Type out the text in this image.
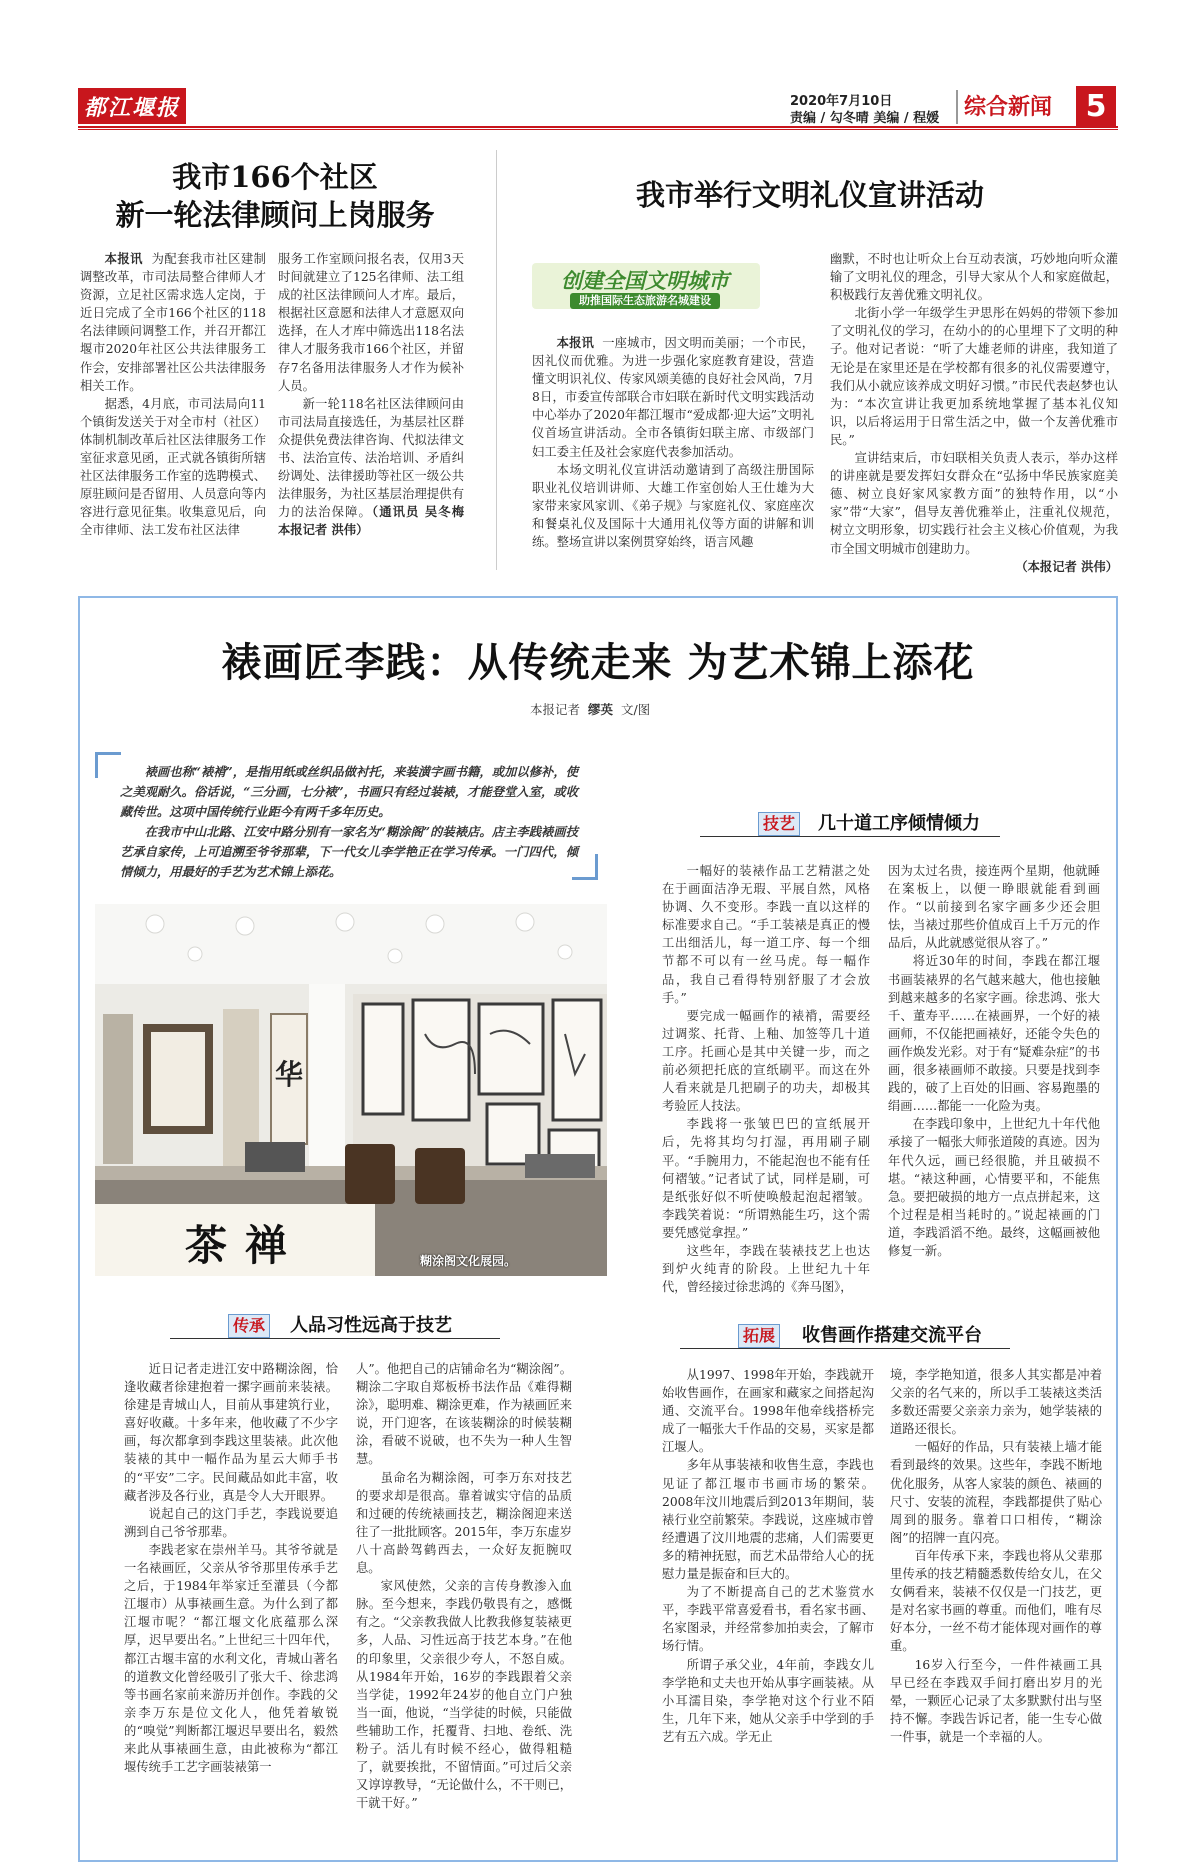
都江堰报	2020年7月10日
责编 / 勾冬晴 美编 / 程媛 综合新闻	5
我市166个社区
新一轮法律顾问上岗服务

本报讯 为配套我市社区建制调整改革，市司法局整合律师人才资源，立足社区需求选人定岗，于近日完成了全市166个社区的118名法律顾问调整工作，并召开都江堰市2020年社区公共法律服务工作会，安排部署社区公共法律服务相关工作。

据悉，4月底，市司法局向11个镇街发送关于对全市村（社区）体制机制改革后社区法律服务工作室征求意见函，正式就各镇街所辖社区法律服务工作室的选聘模式、原驻顾问是否留用、人员意向等内容进行意见征集。收集意见后，向全市律师、法工发布社区法律

服务工作室顾问报名表，仅用3天时间就建立了125名律师、法工组成的社区法律顾问人才库。最后，根据社区意愿和法律人才意愿双向选择，在人才库中筛选出118名法律人才服务我市166个社区，并留存7名备用法律服务人才作为候补人员。

新一轮118名社区法律顾问由市司法局直接选任，为基层社区群众提供免费法律咨询、代拟法律文书、法治宣传、法治培训、矛盾纠纷调处、法律援助等社区一级公共法律服务，为社区基层治理提供有力的法治保障。（通讯员 吴冬梅 本报记者 洪伟）

我市举行文明礼仪宣讲活动
创建全国文明城市
助推国际生态旅游名城建设

本报讯 一座城市，因文明而美丽；一个市民，因礼仪而优雅。为进一步强化家庭教育建设，营造懂文明识礼仪、传家风颂美德的良好社会风尚，7月8日，市委宣传部联合市妇联在新时代文明实践活动中心举办了2020年都江堰市“爱成都·迎大运”文明礼仪首场宣讲活动。全市各镇街妇联主席、市级部门妇工委主任及社会家庭代表参加活动。

本场文明礼仪宣讲活动邀请到了高级注册国际职业礼仪培训讲师、大雄工作室创始人王仕雄为大家带来家风家训、《弟子规》与家庭礼仪、家庭座次和餐桌礼仪及国际十大通用礼仪等方面的讲解和训练。整场宣讲以案例贯穿始终，语言风趣

幽默，不时也让听众上台互动表演，巧妙地向听众灌输了文明礼仪的理念，引导大家从个人和家庭做起，积极践行友善优雅文明礼仪。

北街小学一年级学生尹思彤在妈妈的带领下参加了文明礼仪的学习，在幼小的的心里埋下了文明的种子。他对记者说：“听了大雄老师的讲座，我知道了无论是在家里还是在学校都有很多的礼仪需要遵守，我们从小就应该养成文明好习惯。”市民代表赵梦也认为：“本次宣讲让我更加系统地掌握了基本礼仪知识，以后将运用于日常生活之中，做一个友善优雅市民。”

宣讲结束后，市妇联相关负责人表示，举办这样的讲座就是要发挥妇女群众在“弘扬中华民族家庭美德、树立良好家风家教方面”的独特作用，以“小家”带“大家”，倡导友善优雅举止，注重礼仪规范，树立文明形象，切实践行社会主义核心价值观，为我市全国文明城市创建助力。

（本报记者 洪伟）

裱画匠李践：从传统走来 为艺术锦上添花
本报记者 缪英 文/图

裱画也称“裱褙”，是指用纸或丝织品做衬托，来装潢字画书籍，或加以修补，使之美观耐久。俗话说，“三分画，七分裱”，书画只有经过装裱，才能登堂入室，或收藏传世。这项中国传统行业距今有两千多年历史。

在我市中山北路、江安中路分别有一家名为“糊涂阁”的装裱店。店主李践裱画技艺承自家传，上可追溯至爷爷那辈，下一代女儿李学艳正在学习传承。一门四代，倾情倾力，用最好的手艺为艺术锦上添花。

华
茶禅	糊涂阁文化展园。
技艺 几十道工序倾情倾力

一幅好的装裱作品工艺精湛之处在于画面洁净无瑕、平展自然，风格协调、久不变形。李践一直以这样的标准要求自己。“手工装裱是真正的慢工出细活儿，每一道工序、每一个细节都不可以有一丝马虎。每一幅作品，我自己看得特别舒服了才会放手。”

要完成一幅画作的裱褙，需要经过调浆、托背、上釉、加签等几十道工序。托画心是其中关键一步，而之前必须把托底的宣纸刷平。而这在外人看来就是几把刷子的功夫，却极其考验匠人技法。

李践将一张皱巴巴的宣纸展开后，先将其均匀打湿，再用刷子刷平。“手腕用力，不能起泡也不能有任何褶皱。”记者试了试，同样是刷，可是纸张好似不听使唤般起泡起褶皱。李践笑着说：“所谓熟能生巧，这个需要凭感觉拿捏。”

这些年，李践在装裱技艺上也达到炉火纯青的阶段。上世纪九十年代，曾经接过徐悲鸿的《奔马图》，

因为太过名贵，接连两个星期，他就睡在案板上，以便一睁眼就能看到画作。“以前接到名家字画多少还会胆怯，当裱过那些价值成百上千万元的作品后，从此就感觉很从容了。”

将近30年的时间，李践在都江堰书画装裱界的名气越来越大，他也接触到越来越多的名家字画。徐悲鸿、张大千、董寿平……在裱画界，一个好的裱画师，不仅能把画裱好，还能令失色的画作焕发光彩。对于有“疑难杂症”的书画，很多裱画师不敢接。只要是找到李践的，破了上百处的旧画、容易跑墨的绢画……都能一一化险为夷。

在李践印象中，上世纪九十年代他承接了一幅张大师张道陵的真迹。因为年代久远，画已经很脆，并且破损不堪。“裱这种画，心情要平和，不能焦急。要把破损的地方一点点拼起来，这个过程是相当耗时的。”说起裱画的门道，李践滔滔不绝。最终，这幅画被他修复一新。

传承 人品习性远高于技艺

近日记者走进江安中路糊涂阁，恰逢收藏者徐建抱着一摞字画前来装裱。徐建是青城山人，目前从事建筑行业，喜好收藏。十多年来，他收藏了不少字画，每次都拿到李践这里装裱。此次他装裱的其中一幅作品为星云大师手书的“平安”二字。民间藏品如此丰富，收藏者涉及各行业，真是令人大开眼界。

说起自己的这门手艺，李践说要追溯到自己爷爷那辈。

李践老家在崇州羊马。其爷爷就是一名裱画匠，父亲从爷爷那里传承手艺之后，于1984年举家迁至灌县（今都江堰市）从事裱画生意。为什么到了都江堰市呢？“都江堰文化底蕴那么深厚，迟早要出名。”上世纪三十四年代，都江古堰丰富的水利文化，青城山著名的道教文化曾经吸引了张大千、徐悲鸿等书画名家前来游历并创作。李践的父亲李万东是位文化人，他凭着敏锐的“嗅觉”判断都江堰迟早要出名，毅然来此从事裱画生意，由此被称为“都江堰传统手工艺字画装裱第一

人”。他把自己的店铺命名为“糊涂阁”。糊涂二字取自郑板桥书法作品《难得糊涂》，聪明难、糊涂更难，作为裱画匠来说，开门迎客，在该装糊涂的时候装糊涂，看破不说破，也不失为一种人生智慧。

虽命名为糊涂阁，可李万东对技艺的要求却是很高。靠着诚实守信的品质和过硬的传统裱画技艺，糊涂阁迎来送往了一批批顾客。2015年，李万东虚岁八十高龄驾鹤西去，一众好友扼腕叹息。

家风使然，父亲的言传身教渗入血脉。至今想来，李践仍敬畏有之，感慨有之。“父亲教我做人比教我修复装裱更多，人品、习性远高于技艺本身。”在他的印象里，父亲很少夸人，不怒自威。从1984年开始，16岁的李践跟着父亲当学徒，1992年24岁的他自立门户独当一面，他说，“当学徒的时候，只能做些辅助工作，托覆背、扫地、卷纸、洗粉子。活儿有时候不经心，做得粗糙了，就要挨批，不留情面。”可过后父亲又谆谆教导，“无论做什么，不干则已，干就干好。”

拓展 收售画作搭建交流平台

从1997、1998年开始，李践就开始收售画作，在画家和藏家之间搭起沟通、交流平台。1998年他牵线搭桥完成了一幅张大千作品的交易，买家是都江堰人。

多年从事装裱和收售生意，李践也见证了都江堰市书画市场的繁荣。2008年汶川地震后到2013年期间，装裱行业空前繁荣。李践说，这座城市曾经遭遇了汶川地震的悲痛，人们需要更多的精神抚慰，而艺术品带给人心的抚慰力量是振奋和巨大的。

为了不断提高自己的艺术鉴赏水平，李践平常喜爱看书，看名家书画、名家图录，并经常参加拍卖会，了解市场行情。

所谓子承父业，4年前，李践女儿李学艳和丈夫也开始从事字画装裱。从小耳濡目染，李学艳对这个行业不陌生，几年下来，她从父亲手中学到的手艺有五六成。学无止

境，李学艳知道，很多人其实都是冲着父亲的名气来的，所以手工装裱这类活多数还需要父亲亲力亲为，她学装裱的道路还很长。

一幅好的作品，只有装裱上墙才能看到最终的效果。这些年，李践不断地优化服务，从客人家装的颜色、裱画的尺寸、安装的流程，李践都提供了贴心周到的服务。靠着口口相传，“糊涂阁”的招牌一直闪亮。

百年传承下来，李践也将从父辈那里传承的技艺精髓悉数传给女儿，在父女俩看来，装裱不仅仅是一门技艺，更是对名家书画的尊重。而他们，唯有尽好本分，一丝不苟才能体现对画作的尊重。

16岁入行至今，一件件裱画工具早已经在李践双手间打磨出岁月的光晕，一颗匠心记录了太多默默付出与坚持不懈。李践告诉记者，能一生专心做一件事，就是一个幸福的人。
